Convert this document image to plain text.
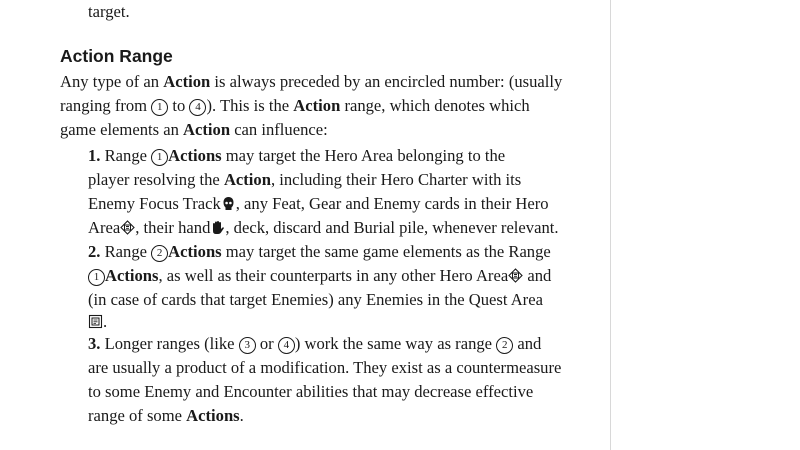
target.
Action Range
Any type of an Action is always preceded by an encircled number: (usually
ranging from 1 to 4 ). This is the Action range, which denotes which
game elements an Action can influence:
1. Range 1 Actions may target the Hero Area belonging to the
player resolving the Action, including their Hero Charter with its
Enemy Focus Track , any Feat, Gear and Enemy cards in their Hero
Area , their hand , deck, discard and Burial pile, whenever relevant.
2. Range 2 Actions may target the same game elements as the Range
1 Actions, as well as their counterparts in any other Hero Area and
(in case of cards that target Enemies) any Enemies in the Quest Area
.
3. Longer ranges (like 3 or 4 ) work the same way as range 2 and
are usually a product of a modification. They exist as a countermeasure
to some Enemy and Encounter abilities that may decrease effective
range of some Actions.
